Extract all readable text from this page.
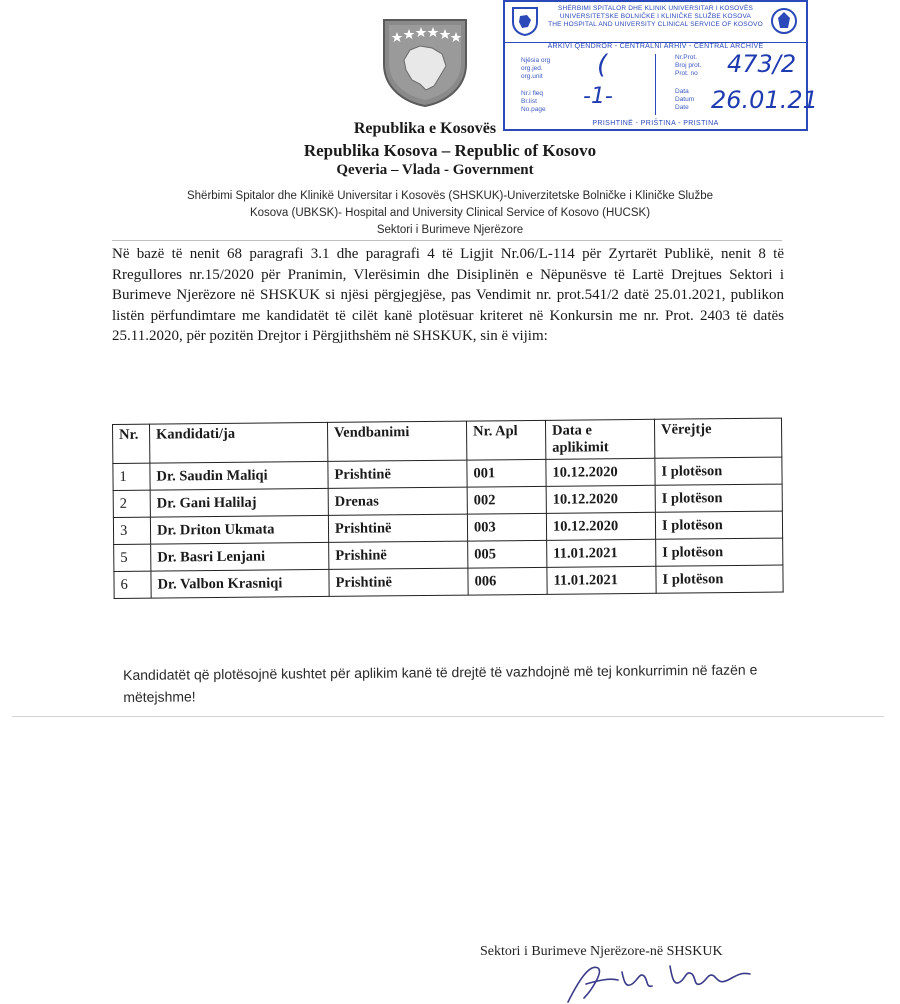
SHËRBIMI SPITALOR DHE KLINIK UNIVERSITAR I KOSOVËS
UNIVERSITETSKE BOLNIČKE I KLINIČKE SLUŽBE KOSOVA
THE HOSPITAL AND UNIVERSITY CLINICAL SERVICE OF KOSOVO
ARKIVI QENDROR - CENTRALNI ARHIV - CENTRAL ARCHIVE
Njësia org
org.jed.
org.unit
Nr.i fleq
Br.list
No.page
Nr.Prot.
Broj prot.
Prot. no
Data
Datum
Date
(
-1-
473/2
26.01.21
PRISHTINË - PRIŠTINA - PRISTINA
Republika e Kosovës
Republika Kosova – Republic of Kosovo
Qeveria – Vlada - Government
Shërbimi Spitalor dhe Klinikë Universitar i Kosovës (SHSKUK)-Univerzitetske Bolničke i Kliničke Službe
Kosova (UBKSK)- Hospital and University Clinical Service of Kosovo (HUCSK)
Sektori i Burimeve Njerëzore
Në bazë të nenit 68 paragrafi 3.1 dhe paragrafi 4 të Ligjit Nr.06/L-114 për Zyrtarët Publikë, nenit 8 të Rregullores nr.15/2020 për Pranimin, Vlerësimin dhe Disiplinën e Nëpunësve të Lartë Drejtues Sektori i Burimeve Njerëzore në SHSKUK si njësi përgjegjëse, pas Vendimit nr. prot.541/2 datë 25.01.2021, publikon listën përfundimtare me kandidatët të cilët kanë plotësuar kriteret në Konkursin me nr. Prot. 2403 të datës 25.11.2020, për pozitën Drejtor i Përgjithshëm në SHSKUK, sin ë vijim:
Nr.	Kandidati/ja	Vendbanimi	Nr. Apl	Data e aplikimit	Vërejtje
1	Dr. Saudin Maliqi	Prishtinë	001	10.12.2020	I plotëson
2	Dr. Gani Halilaj	Drenas	002	10.12.2020	I plotëson
3	Dr. Driton Ukmata	Prishtinë	003	10.12.2020	I plotëson
5	Dr. Basri Lenjani	Prishinë	005	11.01.2021	I plotëson
6	Dr. Valbon Krasniqi	Prishtinë	006	11.01.2021	I plotëson
Kandidatët që plotësojnë kushtet për aplikim kanë të drejtë të vazhdojnë më tej konkurrimin në fazën e mëtejshme!
Sektori i Burimeve Njerëzore-në SHSKUK
